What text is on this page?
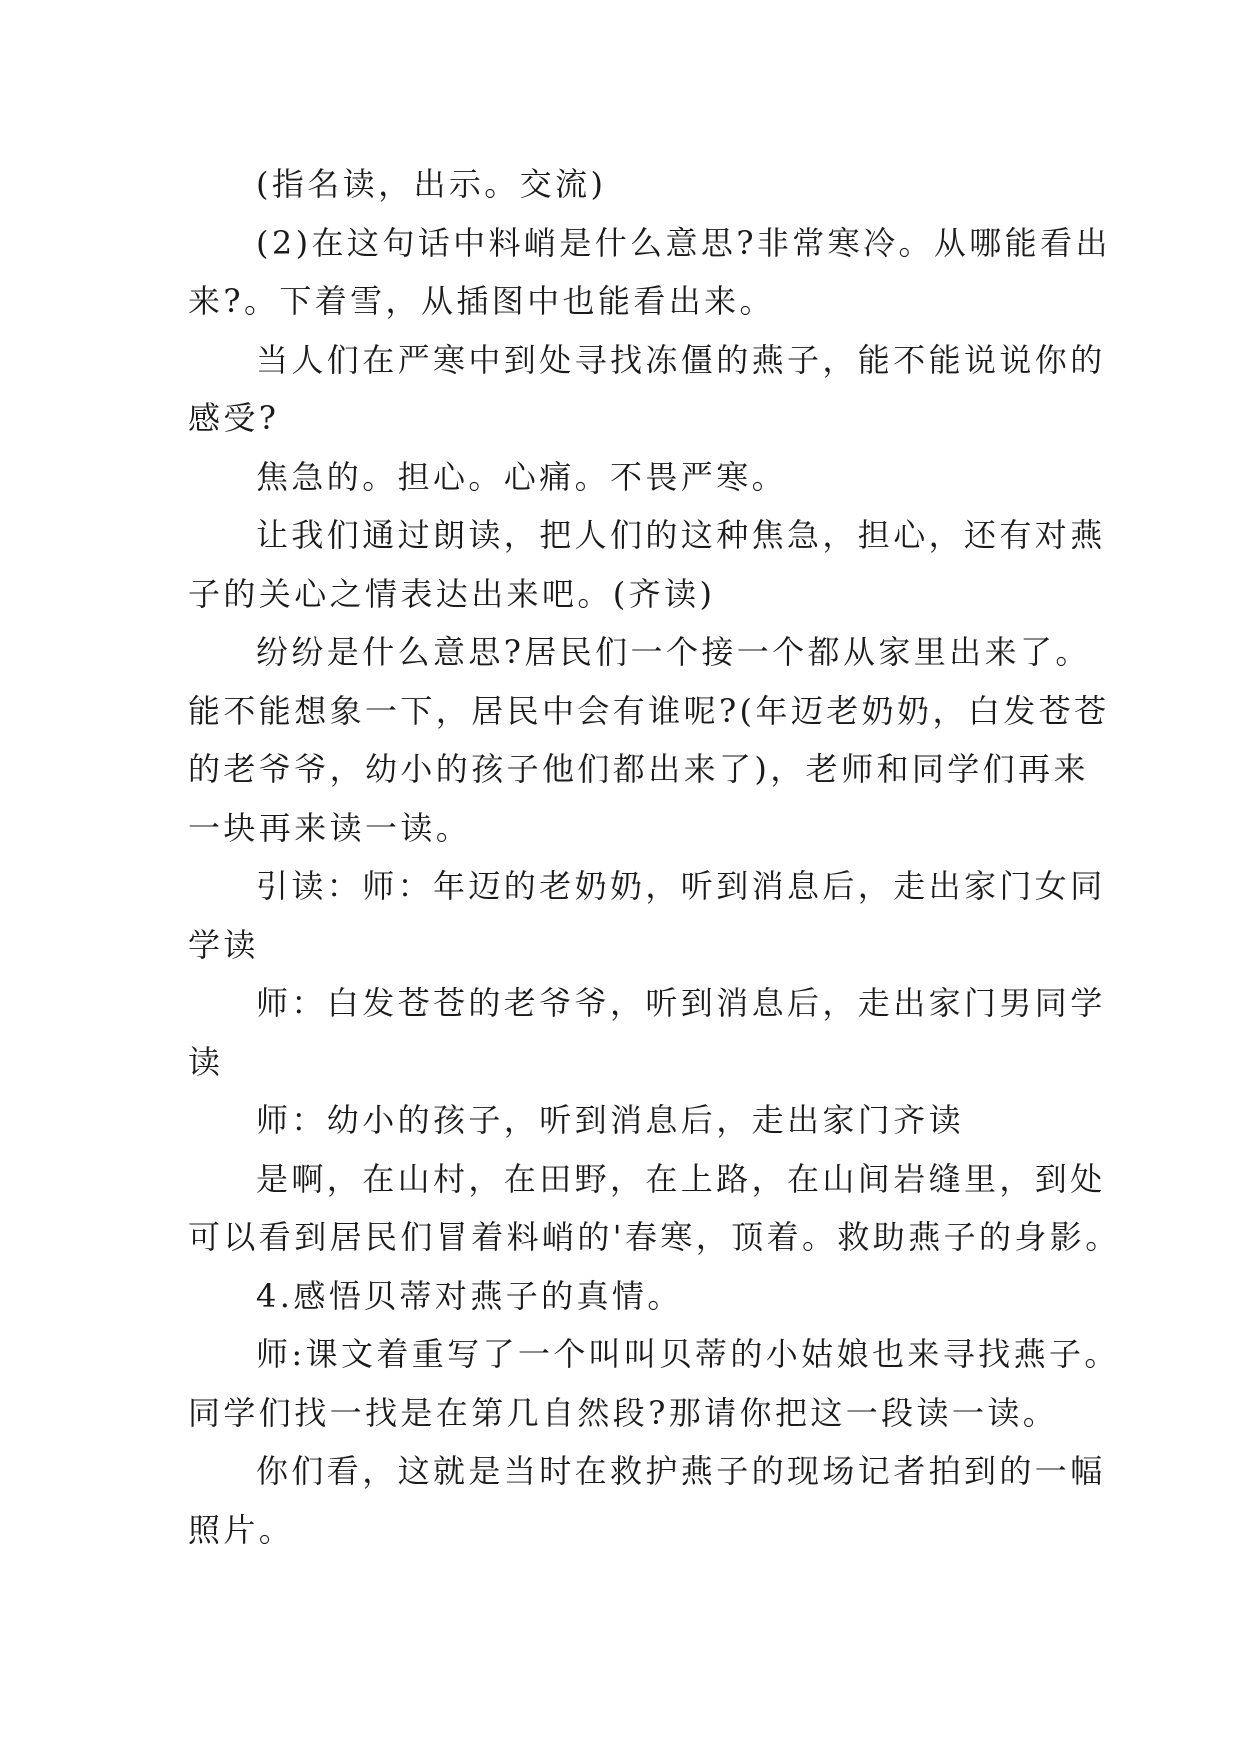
(指名读，出示。交流)

(2)在这句话中料峭是什么意思?非常寒冷。从哪能看出
来?。下着雪，从插图中也能看出来。

当人们在严寒中到处寻找冻僵的燕子，能不能说说你的
感受?

焦急的。担心。心痛。不畏严寒。

让我们通过朗读，把人们的这种焦急，担心，还有对燕
子的关心之情表达出来吧。(齐读)

纷纷是什么意思?居民们一个接一个都从家里出来了。
能不能想象一下，居民中会有谁呢?(年迈老奶奶，白发苍苍
的老爷爷，幼小的孩子他们都出来了)，老师和同学们再来
一块再来读一读。

引读：师：年迈的老奶奶，听到消息后，走出家门女同
学读

师：白发苍苍的老爷爷，听到消息后，走出家门男同学
读

师：幼小的孩子，听到消息后，走出家门齐读

是啊，在山村，在田野，在上路，在山间岩缝里，到处
可以看到居民们冒着料峭的'春寒，顶着。救助燕子的身影。

4.感悟贝蒂对燕子的真情。

师:课文着重写了一个叫叫贝蒂的小姑娘也来寻找燕子。
同学们找一找是在第几自然段?那请你把这一段读一读。

你们看，这就是当时在救护燕子的现场记者拍到的一幅
照片。
